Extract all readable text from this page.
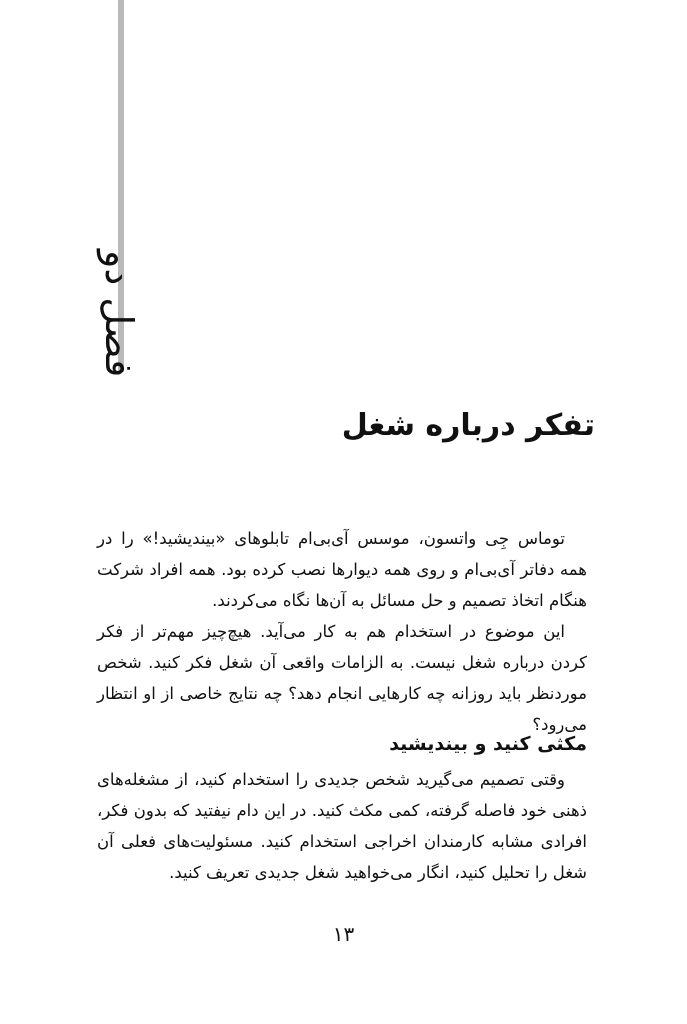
فصل دو
تفکر درباره شغل

توماس جِی واتسون، موسس آی‌بی‌ام تابلوهای «بیندیشید!» را در همه دفاتر آی‌بی‌ام و روی همه دیوارها نصب کرده بود. همه افراد شرکت هنگام اتخاذ تصمیم و حل مسائل به آن‌ها نگاه می‌کردند.

این موضوع در استخدام هم به کار می‌آید. هیچ‌چیز مهم‌تر از فکر کردن درباره شغل نیست. به الزامات واقعی آن شغل فکر کنید. شخص موردنظر باید روزانه چه کارهایی انجام دهد؟ چه نتایج خاصی از او انتظار می‌رود؟

مکثی کنید و بیندیشید

وقتی تصمیم می‌گیرید شخص جدیدی را استخدام کنید، از مشغله‌های ذهنی خود فاصله گرفته، کمی مکث کنید. در این دام نیفتید که بدون فکر، افرادی مشابه کارمندان اخراجی استخدام کنید. مسئولیت‌های فعلی آن شغل را تحلیل کنید، انگار می‌خواهید شغل جدیدی تعریف کنید.

۱۳
